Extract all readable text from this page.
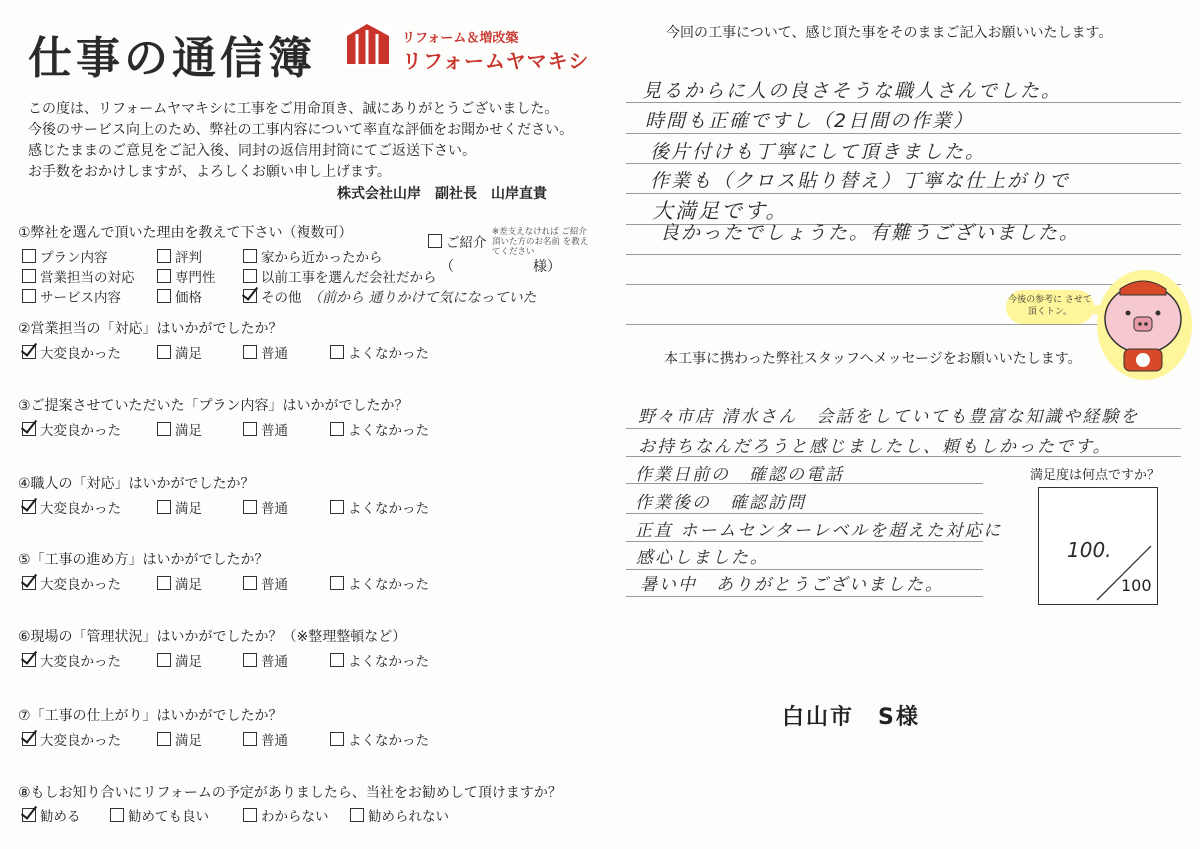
仕事の通信簿	リフォーム＆増改築
リフォームヤマキシ
この度は、リフォームヤマキシに工事をご用命頂き、誠にありがとうございました。
今後のサービス向上のため、弊社の工事内容について率直な評価をお聞かせください。
感じたままのご意見をご記入後、同封の返信用封筒にてご返送下さい。
お手数をおかけしますが、よろしくお願い申し上げます。
株式会社山岸　副社長　山岸直貴
①弊社を選んで頂いた理由を教えて下さい（複数可）
プラン内容	評判	家から近かったから
営業担当の対応	専門性	以前工事を選んだ会社だから
サービス内容	価格	その他
ご紹介
※差支えなければ ご紹介頂いた方のお名前 を教えてください
（	様）
（前から 通りかけて気になっていた
②営業担当の「対応」はいかがでしたか？
大変良かった	満足	普通	よくなかった
③ご提案させていただいた「プラン内容」はいかがでしたか？
大変良かった	満足	普通	よくなかった
④職人の「対応」はいかがでしたか？
大変良かった	満足	普通	よくなかった
⑤「工事の進め方」はいかがでしたか？
大変良かった	満足	普通	よくなかった
⑥現場の「管理状況」はいかがでしたか？（※整理整頓など）
大変良かった	満足	普通	よくなかった
⑦「工事の仕上がり」はいかがでしたか？
大変良かった	満足	普通	よくなかった
⑧もしお知り合いにリフォームの予定がありましたら、当社をお勧めして頂けますか？
勧める	勧めても良い	わからない	勧められない
今回の工事について、感じ頂た事をそのままご記入お願いいたします。
見るからに人の良さそうな職人さんでした。
時間も正確ですし（2日間の作業）
後片付けも丁寧にして頂きました。
作業も（クロス貼り替え）丁寧な仕上がりで
大満足です。
良かったでしょうた。有難うございました。
今後の参考に させて頂くトン。
本工事に携わった弊社スタッフへメッセージをお願いいたします。
野々市店 清水さん　会話をしていても豊富な知識や経験を
お持ちなんだろうと感じましたし、頼もしかったです。
作業日前の　確認の電話
作業後の　確認訪問
正直 ホームセンターレベルを超えた対応に
感心しました。
暑い中　ありがとうございました。
満足度は何点ですか？
100.
100
白山市　S様
